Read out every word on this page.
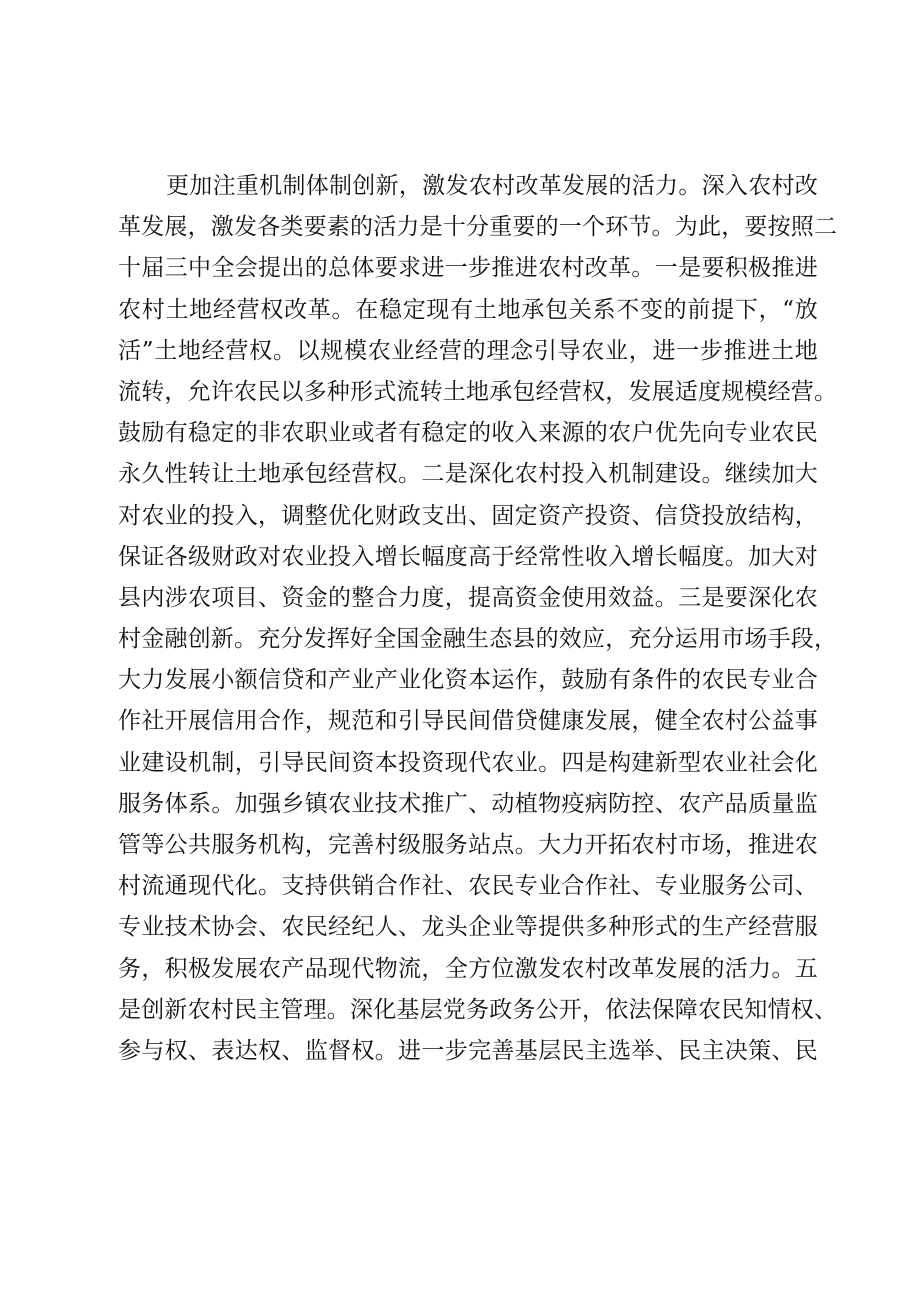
更加注重机制体制创新，激发农村改革发展的活力。深入农村改
革发展，激发各类要素的活力是十分重要的一个环节。为此，要按照二
十届三中全会提出的总体要求进一步推进农村改革。一是要积极推进
农村土地经营权改革。在稳定现有土地承包关系不变的前提下，“放
活”土地经营权。以规模农业经营的理念引导农业，进一步推进土地
流转，允许农民以多种形式流转土地承包经营权，发展适度规模经营。
鼓励有稳定的非农职业或者有稳定的收入来源的农户优先向专业农民
永久性转让土地承包经营权。二是深化农村投入机制建设。继续加大
对农业的投入，调整优化财政支出、固定资产投资、信贷投放结构，
保证各级财政对农业投入增长幅度高于经常性收入增长幅度。加大对
县内涉农项目、资金的整合力度，提高资金使用效益。三是要深化农
村金融创新。充分发挥好全国金融生态县的效应，充分运用市场手段，
大力发展小额信贷和产业产业化资本运作，鼓励有条件的农民专业合
作社开展信用合作，规范和引导民间借贷健康发展，健全农村公益事
业建设机制，引导民间资本投资现代农业。四是构建新型农业社会化
服务体系。加强乡镇农业技术推广、动植物疫病防控、农产品质量监
管等公共服务机构，完善村级服务站点。大力开拓农村市场，推进农
村流通现代化。支持供销合作社、农民专业合作社、专业服务公司、
专业技术协会、农民经纪人、龙头企业等提供多种形式的生产经营服
务，积极发展农产品现代物流，全方位激发农村改革发展的活力。五
是创新农村民主管理。深化基层党务政务公开，依法保障农民知情权、
参与权、表达权、监督权。进一步完善基层民主选举、民主决策、民
